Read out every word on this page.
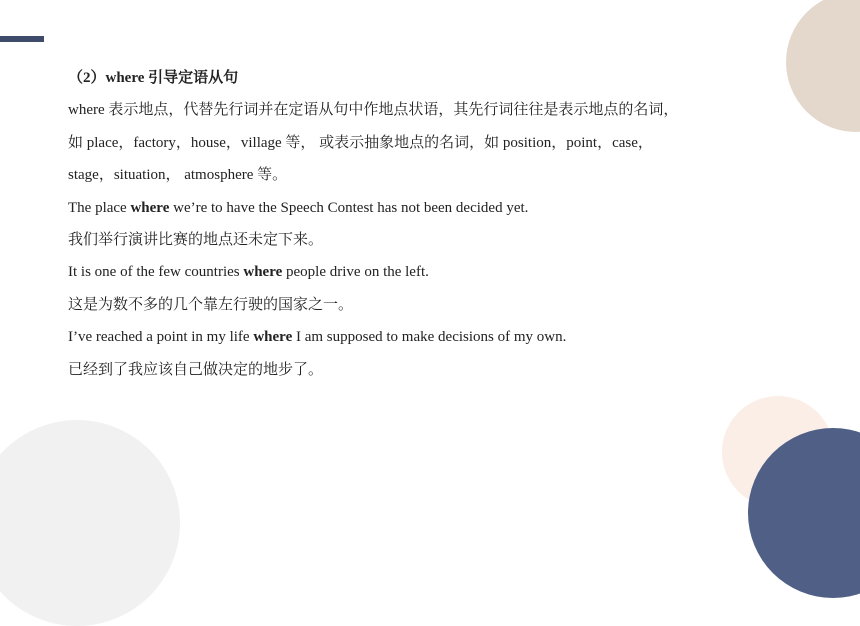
（2）where 引导定语从句
where 表示地点，代替先行词并在定语从句中作地点状语，其先行词往往是表示地点的名词，
如 place，factory，house，village 等， 或表示抽象地点的名词，如 position，point，case，
stage，situation， atmosphere 等。
The place where we’re to have the Speech Contest has not been decided yet.
我们举行演讲比赛的地点还未定下来。
It is one of the few countries where people drive on the left.
这是为数不多的几个靠左行驶的国家之一。
I’ve reached a point in my life where I am supposed to make decisions of my own.
已经到了我应该自己做决定的地步了。
